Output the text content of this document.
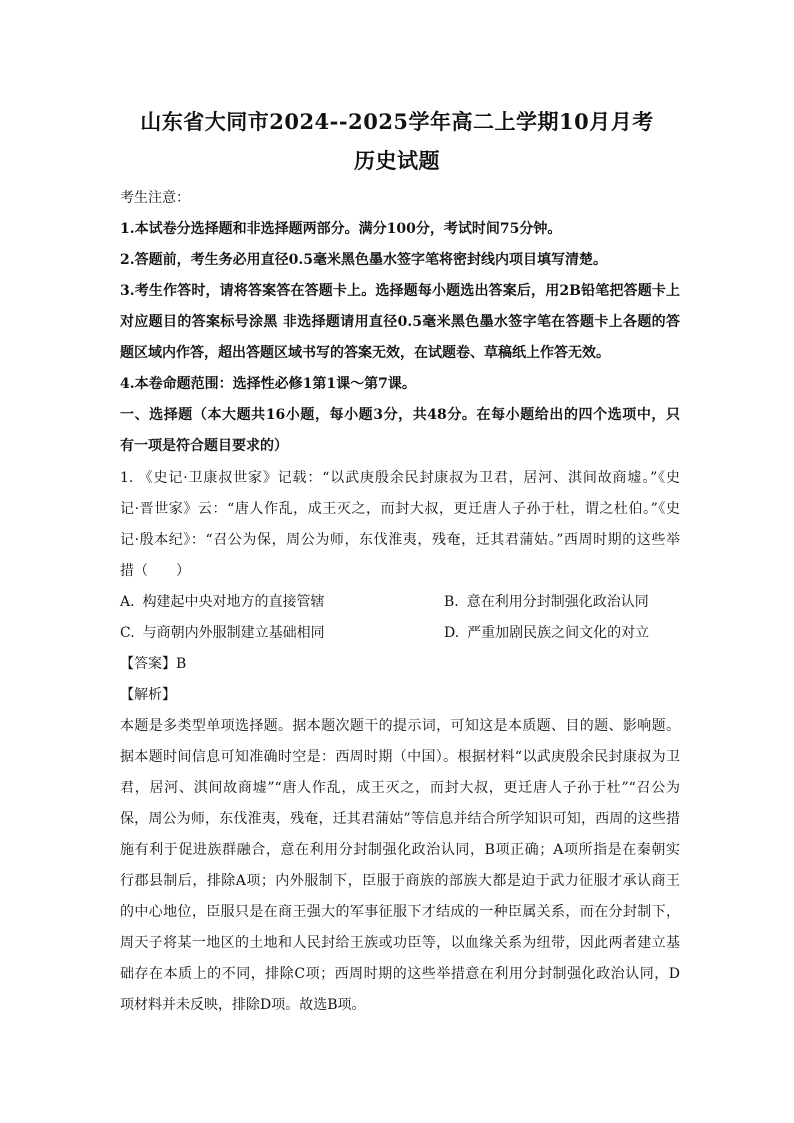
山东省大同市2024--2025学年高二上学期10月月考
历史试题
考生注意：
1.本试卷分选择题和非选择题两部分。满分100分，考试时间75分钟。
2.答题前，考生务必用直径0.5毫米黑色墨水签字笔将密封线内项目填写清楚。
3.考生作答时，请将答案答在答题卡上。选择题每小题选出答案后，用2B铅笔把答题卡上
对应题目的答案标号涂黑 非选择题请用直径0.5毫米黑色墨水签字笔在答题卡上各题的答
题区域内作答，超出答题区域书写的答案无效，在试题卷、草稿纸上作答无效。
4.本卷命题范围：选择性必修1第1课～第7课。
一、选择题（本大题共16小题，每小题3分，共48分。在每小题给出的四个选项中，只
有一项是符合题目要求的）
1. 《史记·卫康叔世家》记载：“以武庚殷余民封康叔为卫君，居河、淇间故商墟。”《史
记·晋世家》云：“唐人作乱，成王灭之，而封大叔，更迁唐人子孙于杜，谓之杜伯。”《史
记·殷本纪》：“召公为保，周公为师，东伐淮夷，残奄，迁其君蒲姑。”西周时期的这些举
措（　　）
A. 构建起中央对地方的直接管辖	B. 意在利用分封制强化政治认同
C. 与商朝内外服制建立基础相同	D. 严重加剧民族之间文化的对立
【答案】B
【解析】
本题是多类型单项选择题。据本题次题干的提示词，可知这是本质题、目的题、影响题。
据本题时间信息可知准确时空是：西周时期（中国）。根据材料“以武庚殷余民封康叔为卫
君，居河、淇间故商墟”“唐人作乱，成王灭之，而封大叔，更迁唐人子孙于杜”“召公为
保，周公为师，东伐淮夷，残奄，迁其君蒲姑”等信息并结合所学知识可知，西周的这些措
施有利于促进族群融合，意在利用分封制强化政治认同，B项正确；A项所指是在秦朝实
行郡县制后，排除A项；内外服制下，臣服于商族的部族大都是迫于武力征服才承认商王
的中心地位，臣服只是在商王强大的军事征服下才结成的一种臣属关系，而在分封制下，
周天子将某一地区的土地和人民封给王族或功臣等，以血缘关系为纽带，因此两者建立基
础存在本质上的不同，排除C项；西周时期的这些举措意在利用分封制强化政治认同，D
项材料并未反映，排除D项。故选B项。
